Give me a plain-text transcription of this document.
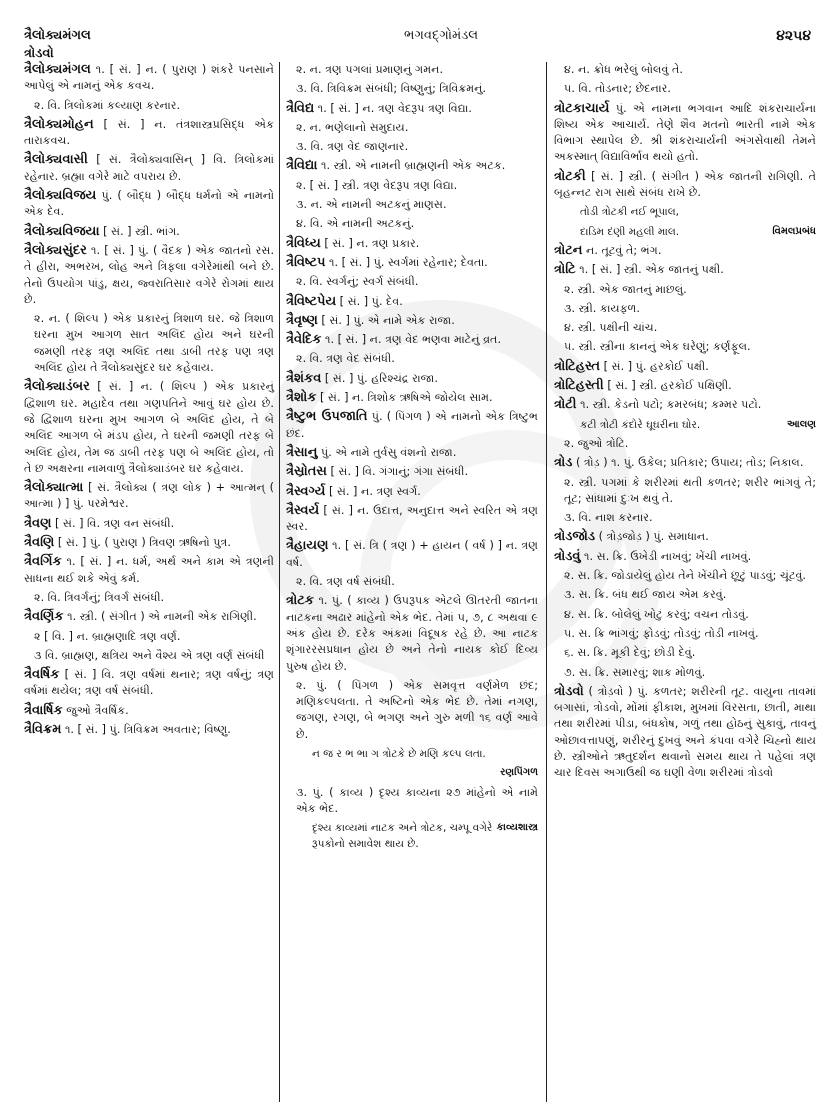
ત્રૈલોક્યમંગલ
ત્રોડવો
ભગવદ્ગોમંડલ	૪૨૫૪
ત્રૈલોક્યમંગલ ૧. [ સં. ] ન. ( પુરાણ ) શંકરે પનસાને આપેલું એ નામનું એક કવચ.
૨. વિ. ત્રિલોકમાં કલ્યાણ કરનાર.
ત્રૈલોક્યમોહન [ સં. ] ન. તંત્રશાસ્ત્રપ્રસિદ્ધ એક તારાકવચ.
ત્રૈલોક્યવાસી [ સં. ત્રૈલોક્યવાસિન્ ] વિ. ત્રિલોકમાં રહેનાર. બ્રહ્મા વગેરે માટે વપરાય છે.
ત્રૈલોક્યવિજય પું. ( બૌદ્ધ ) બૌદ્ધ ધર્મનો એ નામનો એક દેવ.
ત્રૈલોક્યવિજયા [ સં. ] સ્ત્રી. ભાંગ.
ત્રૈલોક્યસુંદર ૧. [ સં. ] પું. ( વૈદક ) એક જાતનો રસ. તે હીરા, અભરખ, લોહ અને ત્રિફલા વગેરેમાંથી બને છે. તેનો ઉપયોગ પાંડુ, ક્ષય, જ્વરાતિસાર વગેરે રોગમાં થાય છે.
૨. ન. ( શિલ્પ ) એક પ્રકારનું ત્રિશાળ ઘર. જે ત્રિશાળ ઘરના મુખ આગળ સાત અલિંદ હોય અને ઘરની જમણી તરફ ત્રણ અલિંદ તથા ડાબી તરફ પણ ત્રણ અલિંદ હોય તે ત્રૈલોક્યસુંદર ઘર કહેવાય.
ત્રૈલોક્યાડંબર [ સં. ] ન. ( શિલ્પ ) એક પ્રકારનું દ્વિશાળ ઘર. મહાદેવ તથા ગણપતિને આવું ઘર હોય છે. જે દ્વિશાળ ઘરના મુખ આગળ બે અલિંદ હોય, તે બે અલિંદ આગળ બે મંડપ હોય, તે ઘરની જમણી તરફ બે અલિંદ હોય, તેમ જ ડાબી તરફ પણ બે અલિંદ હોય, તો તે છ અક્ષરના નામવાળું ત્રૈલોક્યાડંબર ઘર કહેવાય.
ત્રૈલોક્યાત્મા [ સં. ત્રૈલોક્ય ( ત્રણ લોક ) + આત્મન્ ( આત્મા ) ] પું. પરમેશ્વર.
ત્રૈવણ [ સં. ] વિ. ત્રણ વન સંબંધી.
ત્રૈવણિ [ સં. ] પું. ( પુરાણ ) ત્રિવણ ઋષિનો પુત્ર.
ત્રૈવર્ગિક ૧. [ સં. ] ન. ધર્મ, અર્થ અને કામ એ ત્રણની સાધના થઈ શકે એવું કર્મ.
૨. વિ. ત્રિવર્ગનું; ત્રિવર્ગ સંબંધી.
ત્રૈવર્ણિક ૧. સ્ત્રી. ( સંગીત ) એ નામની એક રાગિણી.
૨ [ વિ. ] ન. બ્રાહ્મણાદિ ત્રણ વર્ણ.
૩ વિ. બ્રાહ્મણ, ક્ષત્રિય અને વૈશ્ય એ ત્રણ વર્ણ સંબંધી
ત્રૈવર્ષિક [ સં. ] વિ. ત્રણ વર્ષમાં થનાર; ત્રણ વર્ષનું; ત્રણ વર્ષમાં થયેલ; ત્રણ વર્ષ સંબંધી.
ત્રૈવાર્ષિક જુઓ ત્રૈવર્ષિક.
ત્રૈવિક્રમ ૧. [ સં. ] પું. ત્રિવિક્રમ અવતાર; વિષ્ણુ.
૨. ન. ત્રણ પગલાં પ્રમાણનું ગમન.
૩. વિ. ત્રિવિક્રમ સંબંધી; વિષ્ણુનું; ત્રિવિક્રમનું.
ત્રૈવિદ્ય ૧. [ સં. ] ન. ત્રણ વેદરૂપ ત્રણ વિદ્યા.
૨. ન. ભણેલાનો સમુદાય.
૩. વિ. ત્રણ વેદ જાણનાર.
ત્રૈવિદ્યા ૧. સ્ત્રી. એ નામની બ્રાહ્મણની એક અટક.
૨. [ સં. ] સ્ત્રી. ત્રણ વેદરૂપ ત્રણ વિદ્યા.
૩. ન. એ નામની અટકનું માણસ.
૪. વિ. એ નામની અટકનું.
ત્રૈવિધ્ય [ સં. ] ન. ત્રણ પ્રકાર.
ત્રૈવિષ્ટપ ૧. [ સં. ] પું. સ્વર્ગમાં રહેનાર; દેવતા.
૨. વિ. સ્વર્ગનું; સ્વર્ગ સંબંધી.
ત્રૈવિષ્ટપેય [ સં. ] પું. દેવ.
ત્રૈવૃષ્ણ [ સં. ] પું. એ નામે એક રાજા.
ત્રૈવેદિક ૧. [ સં. ] ન. ત્રણ વેદ ભણવા માટેનું વ્રત.
૨. વિ. ત્રણ વેદ સંબંધી.
ત્રૈશંકવ [ સં. ] પું. હરિશ્ચંદ્ર રાજા.
ત્રૈશોક [ સં. ] ન. ત્રિશોક ઋષિએ જોયેલ સામ.
ત્રૈષ્ટુભ ઉપજાતિ પું. ( પિંગળ ) એ નામનો એક ત્રિષ્ટુભ છંદ.
ત્રૈસાનુ પું. એ નામે તુર્વસુ વંશનો રાજા.
ત્રૈસ્રોતસ [ સં. ] વિ. ગંગાનું; ગંગા સંબંધી.
ત્રૈસ્વર્ગ્ય [ સં. ] ન. ત્રણ સ્વર્ગ.
ત્રૈસ્વર્ય [ સં. ] ન. ઉદાત્ત, અનુદાત્ત અને સ્વરિત એ ત્રણ સ્વર.
ત્રૈહાયણ ૧. [ સં. ત્રિ ( ત્રણ ) + હાયન ( વર્ષ ) ] ન. ત્રણ વર્ષ.
૨. વિ. ત્રણ વર્ષ સંબંધી.
ત્રોટક ૧. પું. ( કાવ્ય ) ઉપરૂપક એટલે ઊતરતી જાતના નાટકના અઢાર માંહેનો એક ભેદ. તેમાં ૫, ૭, ૮ અથવા ૯ અંક હોય છે. દરેક અંકમાં વિદૂષક રહે છે. આ નાટક શૃંગારરસપ્રધાન હોય છે અને તેનો નાયક કોઈ દિવ્ય પુરુષ હોય છે.
૨. પું. ( પિંગળ ) એક સમવૃત્ત વર્ણમેળ છંદ; મણિકલ્પલતા. તે અષ્ટિનો એક ભેદ છે. તેમાં નગણ, જગણ, રગણ, બે ભગણ અને ગુરુ મળી ૧૬ વર્ણ આવે છે.
ન જ ર ભ ભા ગ ત્રોટકે છે મણિ કલ્પ લતા.
રણપિંગળ
૩. પું. ( કાવ્ય ) દૃશ્ય કાવ્યના ૨૭ માંહેનો એ નામે એક ભેદ.
કાવ્યશાસ્ત્ર
દૃશ્ય કાવ્યમાં નાટક અને ત્રોટક, ચમ્પૂ વગેરે રૂપકોનો સમાવેશ થાય છે.
૪. ન. ક્રોધ ભરેલું બોલવું તે.
૫. વિ. તોડનાર; છેદનાર.
ત્રોટકાચાર્ય પું. એ નામના ભગવાન આદિ શંકરાચાર્યના શિષ્ય એક આચાર્ય. તેણે શૈવ મતનો ભારતી નામે એક વિભાગ સ્થાપેલ છે. શ્રી શંકરાચાર્યની અંગસેવાથી તેમને અકસ્માત્ વિદ્યાવિર્ભાવ થયો હતો.
ત્રોટકી [ સં. ] સ્ત્રી. ( સંગીત ) એક જાતની રાગિણી. તે બૃહન્નટ રાગ સાથે સંબંધ રાખે છે.
તોડી ત્રોટકી નઈ ભૂપાલ,
વિમલપ્રબંધ
દાડિમ દંણી મહલી માલ.
ત્રોટન ન. તૂટવું તે; ભંગ.
ત્રોટિ ૧. [ સં. ] સ્ત્રી. એક જાતનું પક્ષી.
૨. સ્ત્રી. એક જાતનું માછલું.
૩. સ્ત્રી. કાયફળ.
૪. સ્ત્રી. પક્ષીની ચાંચ.
૫. સ્ત્રી. સ્ત્રીના કાનનું એક ઘરેણું; કર્ણફૂલ.
ત્રોટિહસ્ત [ સં. ] પું. હરકોઈ પક્ષી.
ત્રોટિહસ્તી [ સં. ] સ્ત્રી. હરકોઈ પક્ષિણી.
ત્રોટી ૧. સ્ત્રી. કેડનો પટો; કમરબંધ; કમ્મર પટો.
આલણ
કટી ત્રોટી કંદોરે ઘૂઘરીના ઘોર.
૨. જુઓ ત્રોટિ.
ત્રોડ ( ત્રોડ઼ ) ૧. પું. ઉકેલ; પ્રતિકાર; ઉપાય; તોડ; નિકાલ.
૨. સ્ત્રી. પગમાં કે શરીરમાં થતી કળતર; શરીર ભાંગવું તે; તૂટ; સાંધામાં દુઃખ થવું તે.
૩. વિ. નાશ કરનાર.
ત્રોડજોડ ( ત્રોડ઼જોડ઼ ) પું. સમાધાન.
ત્રોડવું ૧. સ. ક્રિ. ઉખેડી નાખવું; ખેંચી નાખવું.
૨. સ. ક્રિ. જોડાયેલું હોય તેને ખેંચીને છૂટું પાડવું; ચૂંટવું.
૩. સ. ક્રિ. બંધ થઈ જાય એમ કરવું.
૪. સ. ક્રિ. બોલેલું ખોટું કરવું; વચન તોડવું.
૫. સ. ક્રિ ભાંગવું; ફોડવું; તોડવું; તોડી નાખવું.
૬. સ. ક્રિ. મૂકી દેવું; છોડી દેવું.
૭. સ. ક્રિ. સમારવું; શાક મોળવું.
ત્રોડવો ( ત્રોડ઼વો ) પું. કળતર; શરીરની તૂટ. વાયુના તાવમાં બગાસાં, ત્રોડવો, મોંમાં ફીકાશ, મુખમાં વિરસતા, છાતી, માથા તથા શરીરમાં પીડા, બંધકોષ, ગળું તથા હોઠનું સુકાવું, તાવનું ઓછાવત્તાપણું, શરીરનું દુખવું અને કંપવા વગેરે ચિહ્નો થાય છે. સ્ત્રીઓને ઋતુદર્શન થવાનો સમય થાય તે પહેલાં ત્રણ ચાર દિવસ અગાઉથી જ ઘણી વેળા શરીરમાં ત્રોડવો
